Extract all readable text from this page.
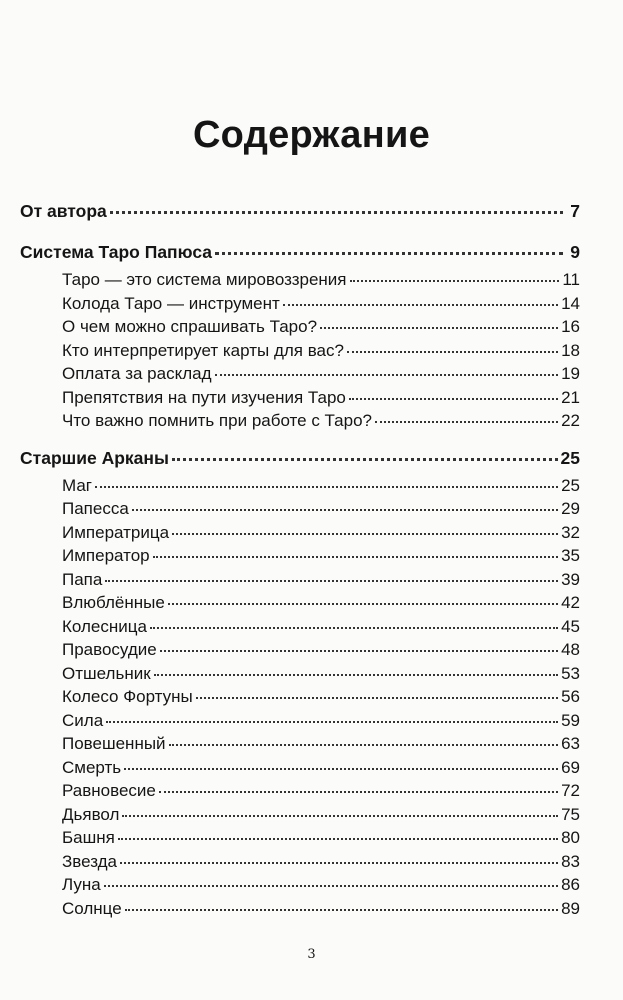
Содержание
От автора	7
Система Таро Папюса	9
Таро — это система мировоззрения	11
Колода Таро — инструмент	14
О чем можно спрашивать Таро?	16
Кто интерпретирует карты для вас?	18
Оплата за расклад	19
Препятствия на пути изучения Таро	21
Что важно помнить при работе с Таро?	22
Старшие Арканы	25
Маг	25
Папесса	29
Императрица	32
Император	35
Папа	39
Влюблённые	42
Колесница	45
Правосудие	48
Отшельник	53
Колесо Фортуны	56
Сила	59
Повешенный	63
Смерть	69
Равновесие	72
Дьявол	75
Башня	80
Звезда	83
Луна	86
Солнце	89
3
